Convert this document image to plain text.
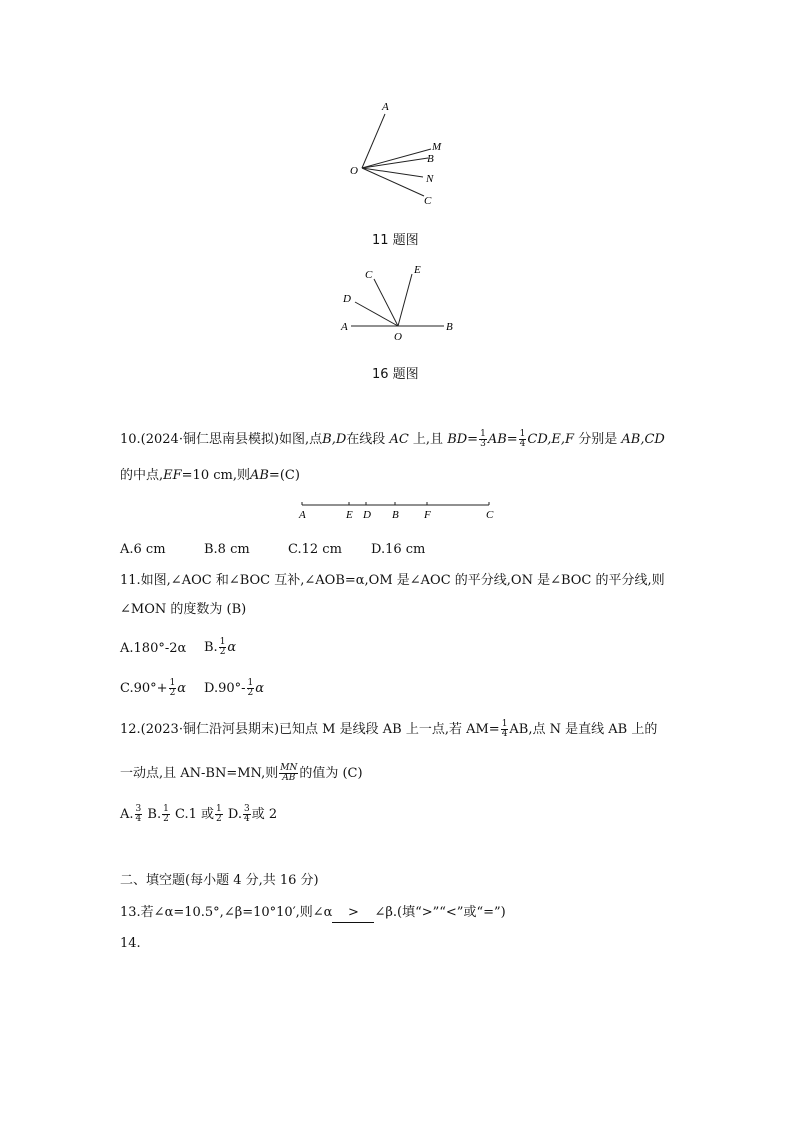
A
M
B
O
N
C
11 题图
C	E
D
A
O
B
16 题图
10.(2024·铜仁思南县模拟)如图,点B,D在线段 AC 上,且 $BD= \frac{1}{3} AB= \frac{1}{4} CD,E,F$ 分别是 AB,CD
的中点,EF=10 cm,则AB=(C)
A	E D B F	C
A.6 cm	B.8 cm	C.12 cm D.16 cm
11.如图,∠AOC 和∠BOC 互补,∠AOB=α,OM 是∠AOC 的平分线,ON 是∠BOC 的平分线,则
∠MON 的度数为 (B)
A.180°-2α B. $\frac{1}{2}$ α
$C.90^\circ+ \frac{1}{2}$ α $D.90^\circ- \frac{1}{2}$ α
12.(2023·铜仁沿河县期末)已知点 M 是线段 AB 上一点,若 $AM= \frac{1}{4}$ AB,点 N 是直线 AB 上的
一动点,且 AN-BN=MN,则 $\frac{MN}{AB}$ 的值为 (C)
A. $\frac{3}{4} B$. $\frac{1}{2} C.1$ 或 $\frac{1}{2} D$. $\frac{3}{4}$ 或 2
二、填空题(每小题 4 分,共 16 分)
13.若∠α=10.5°,∠β=10°10′,则∠α > ∠β.(填“>”“<”或“=”)
14.
